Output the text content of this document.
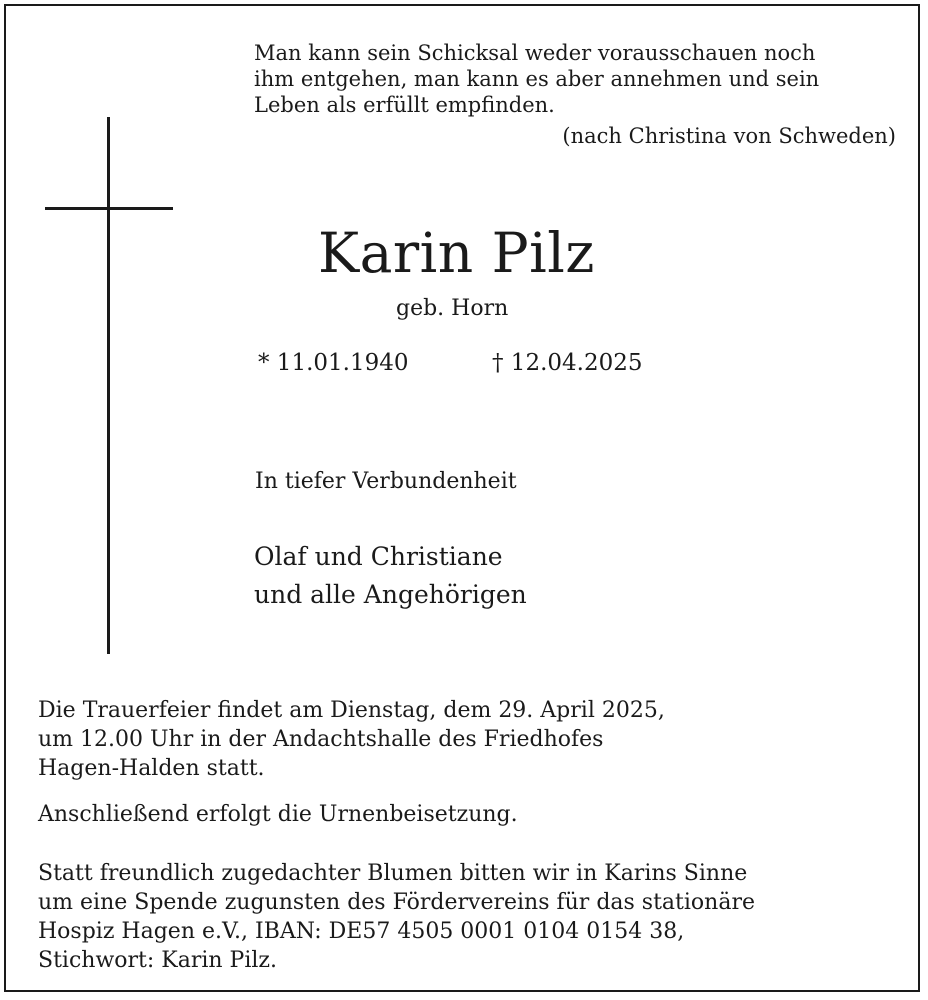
Man kann sein Schicksal weder vorausschauen noch
ihm entgehen, man kann es aber annehmen und sein
Leben als erfüllt empfinden.
(nach Christina von Schweden)
Karin Pilz
geb. Horn
* 11.01.1940	† 12.04.2025
In tiefer Verbundenheit
Olaf und Christiane
und alle Angehörigen
Die Trauerfeier findet am Dienstag, dem 29. April 2025,
um 12.00 Uhr in der Andachtshalle des Friedhofes
Hagen-Halden statt.
Anschließend erfolgt die Urnenbeisetzung.
Statt freundlich zugedachter Blumen bitten wir in Karins Sinne
um eine Spende zugunsten des Fördervereins für das stationäre
Hospiz Hagen e.V., IBAN: DE57 4505 0001 0104 0154 38,
Stichwort: Karin Pilz.
